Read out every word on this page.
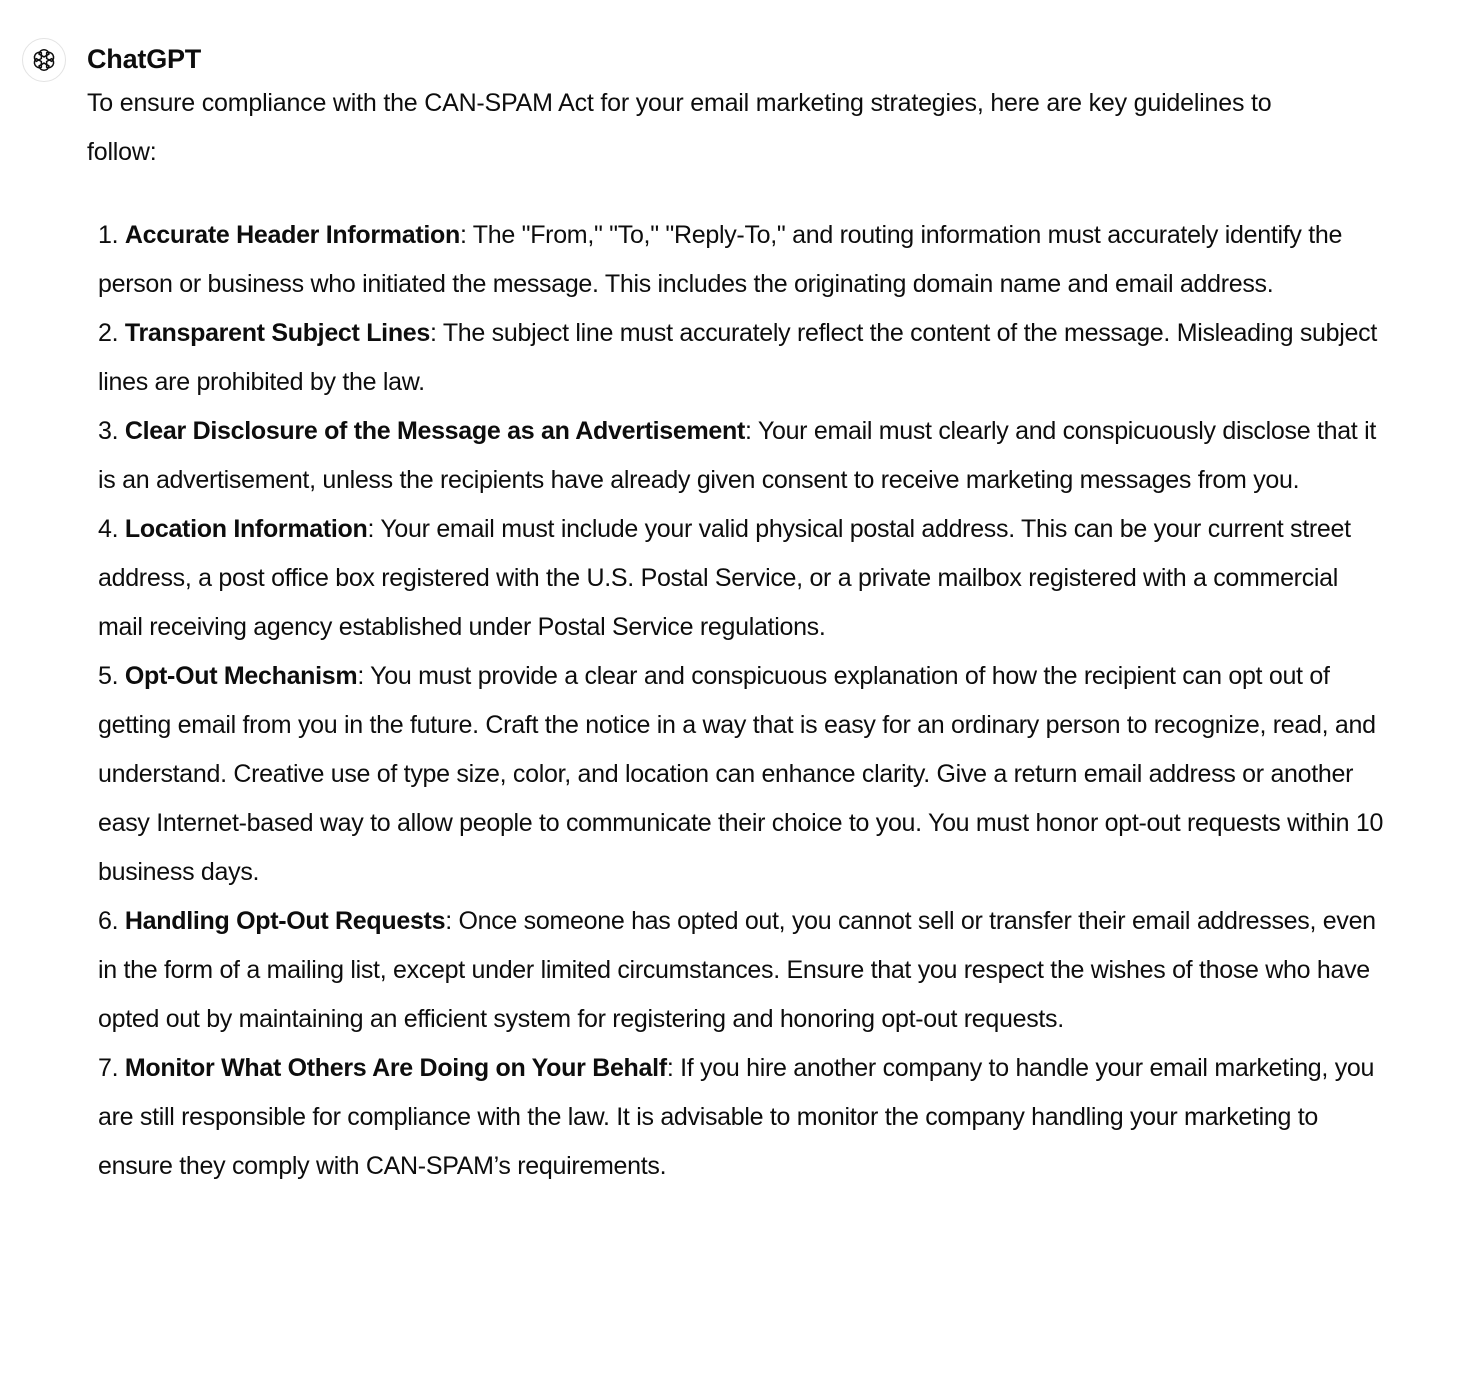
ChatGPT

To ensure compliance with the CAN-SPAM Act for your email marketing strategies, here are key guidelines to follow:

1. Accurate Header Information: The "From," "To," "Reply-To," and routing information must accurately identify the person or business who initiated the message. This includes the originating domain name and email address.
2. Transparent Subject Lines: The subject line must accurately reflect the content of the message. Misleading subject lines are prohibited by the law.
3. Clear Disclosure of the Message as an Advertisement: Your email must clearly and conspicuously disclose that it is an advertisement, unless the recipients have already given consent to receive marketing messages from you.
4. Location Information: Your email must include your valid physical postal address. This can be your current street address, a post office box registered with the U.S. Postal Service, or a private mailbox registered with a commercial mail receiving agency established under Postal Service regulations.
5. Opt-Out Mechanism: You must provide a clear and conspicuous explanation of how the recipient can opt out of getting email from you in the future. Craft the notice in a way that is easy for an ordinary person to recognize, read, and understand. Creative use of type size, color, and location can enhance clarity. Give a return email address or another easy Internet-based way to allow people to communicate their choice to you. You must honor opt-out requests within 10 business days.
6. Handling Opt-Out Requests: Once someone has opted out, you cannot sell or transfer their email addresses, even in the form of a mailing list, except under limited circumstances. Ensure that you respect the wishes of those who have opted out by maintaining an efficient system for registering and honoring opt-out requests.
7. Monitor What Others Are Doing on Your Behalf: If you hire another company to handle your email marketing, you are still responsible for compliance with the law. It is advisable to monitor the company handling your marketing to ensure they comply with CAN-SPAM’s requirements.
